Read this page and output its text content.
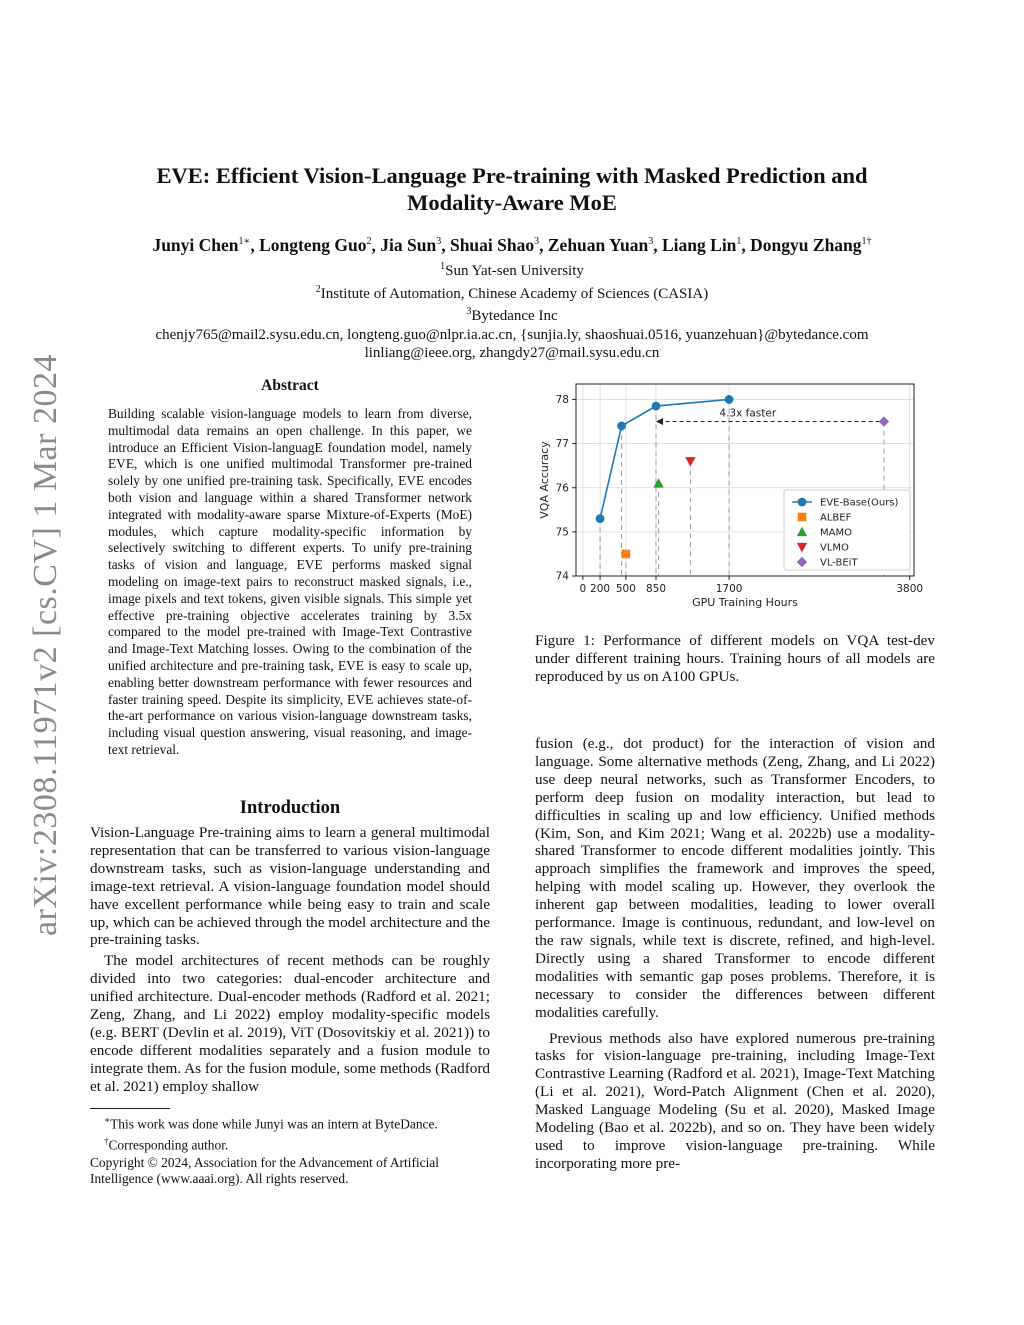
arXiv:2308.11971v2 [cs.CV] 1 Mar 2024
EVE: Efficient Vision-Language Pre-training with Masked Prediction and
Modality-Aware MoE
Junyi Chen$^{1∗}$, Longteng Guo$^2$, Jia Sun$^3$, Shuai Shao$^3$, Zehuan Yuan$^3$, Liang Lin$^1$, Dongyu Zhang$^{1\dagger}$
$^1$Sun Yat-sen University
$^2$Institute of Automation, Chinese Academy of Sciences (CASIA)
$^3$Bytedance Inc
chenjy765@mail2.sysu.edu.cn, longteng.guo@nlpr.ia.ac.cn, {sunjia.ly, shaoshuai.0516, yuanzehuan}@bytedance.com
linliang@ieee.org, zhangdy27@mail.sysu.edu.cn
Abstract
Building scalable vision-language models to learn from diverse, multimodal data remains an open challenge. In this paper, we introduce an Efficient Vision-languagE foundation model, namely EVE, which is one unified multimodal Transformer pre-trained solely by one unified pre-training task. Specifically, EVE encodes both vision and language within a shared Transformer network integrated with modality-aware sparse Mixture-of-Experts (MoE) modules, which capture modality-specific information by selectively switching to different experts. To unify pre-training tasks of vision and language, EVE performs masked signal modeling on image-text pairs to reconstruct masked signals, i.e., image pixels and text tokens, given visible signals. This simple yet effective pre-training objective accelerates training by 3.5x compared to the model pre-trained with Image-Text Contrastive and Image-Text Matching losses. Owing to the combination of the unified architecture and pre-training task, EVE is easy to scale up, enabling better downstream performance with fewer resources and faster training speed. Despite its simplicity, EVE achieves state-of-the-art performance on various vision-language downstream tasks, including visual question answering, visual reasoning, and image-text retrieval.
Introduction

Vision-Language Pre-training aims to learn a general multimodal representation that can be transferred to various vision-language downstream tasks, such as vision-language understanding and image-text retrieval. A vision-language foundation model should have excellent performance while being easy to train and scale up, which can be achieved through the model architecture and the pre-training tasks.

The model architectures of recent methods can be roughly divided into two categories: dual-encoder architecture and unified architecture. Dual-encoder methods (Radford et al. 2021; Zeng, Zhang, and Li 2022) employ modality-specific models (e.g. BERT (Devlin et al. 2019), ViT (Dosovitskiy et al. 2021)) to encode different modalities separately and a fusion module to integrate them. As for the fusion module, some methods (Radford et al. 2021) employ shallow

∗This work was done while Junyi was an intern at ByteDance.
†Corresponding author.
Copyright © 2024, Association for the Advancement of Artificial Intelligence (www.aaai.org). All rights reserved.
74
75
76
77
78
0 200 500 850	1700	3800
GPU Training Hours
VQA Accuracy
4.3x faster
EVE-Base(Ours)
ALBEF
MAMO
VLMO
VL-BEiT
Figure 1: Performance of different models on VQA test-dev under different training hours. Training hours of all models are reproduced by us on A100 GPUs.

fusion (e.g., dot product) for the interaction of vision and language. Some alternative methods (Zeng, Zhang, and Li 2022) use deep neural networks, such as Transformer Encoders, to perform deep fusion on modality interaction, but lead to difficulties in scaling up and low efficiency. Unified methods (Kim, Son, and Kim 2021; Wang et al. 2022b) use a modality-shared Transformer to encode different modalities jointly. This approach simplifies the framework and improves the speed, helping with model scaling up. However, they overlook the inherent gap between modalities, leading to lower overall performance. Image is continuous, redundant, and low-level on the raw signals, while text is discrete, refined, and high-level. Directly using a shared Transformer to encode different modalities with semantic gap poses problems. Therefore, it is necessary to consider the differences between different modalities carefully.

Previous methods also have explored numerous pre-training tasks for vision-language pre-training, including Image-Text Contrastive Learning (Radford et al. 2021), Image-Text Matching (Li et al. 2021), Word-Patch Alignment (Chen et al. 2020), Masked Language Modeling (Su et al. 2020), Masked Image Modeling (Bao et al. 2022b), and so on. They have been widely used to improve vision-language pre-training. While incorporating more pre-
